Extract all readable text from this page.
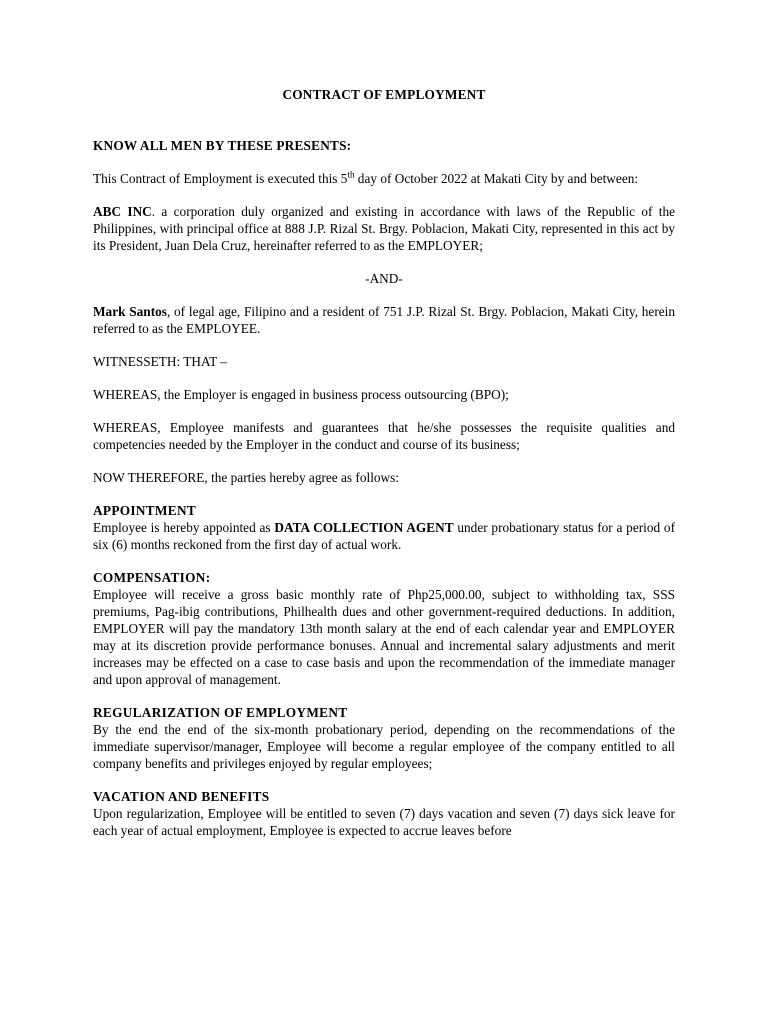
CONTRACT OF EMPLOYMENT
KNOW ALL MEN BY THESE PRESENTS:
This Contract of Employment is executed this 5th day of October 2022 at Makati City by and between:
ABC INC. a corporation duly organized and existing in accordance with laws of the Republic of the Philippines, with principal office at 888 J.P. Rizal St. Brgy. Poblacion, Makati City, represented in this act by its President, Juan Dela Cruz, hereinafter referred to as the EMPLOYER;
-AND-
Mark Santos, of legal age, Filipino and a resident of 751 J.P. Rizal St. Brgy. Poblacion, Makati City, herein referred to as the EMPLOYEE.
WITNESSETH: THAT –
WHEREAS, the Employer is engaged in business process outsourcing (BPO);
WHEREAS, Employee manifests and guarantees that he/she possesses the requisite qualities and competencies needed by the Employer in the conduct and course of its business;
NOW THEREFORE, the parties hereby agree as follows:
APPOINTMENT
Employee is hereby appointed as DATA COLLECTION AGENT under probationary status for a period of six (6) months reckoned from the first day of actual work.
COMPENSATION:
Employee will receive a gross basic monthly rate of Php25,000.00, subject to withholding tax, SSS premiums, Pag-ibig contributions, Philhealth dues and other government-required deductions. In addition, EMPLOYER will pay the mandatory 13th month salary at the end of each calendar year and EMPLOYER may at its discretion provide performance bonuses. Annual and incremental salary adjustments and merit increases may be effected on a case to case basis and upon the recommendation of the immediate manager and upon approval of management.
REGULARIZATION OF EMPLOYMENT
By the end the end of the six-month probationary period, depending on the recommendations of the immediate supervisor/manager, Employee will become a regular employee of the company entitled to all company benefits and privileges enjoyed by regular employees;
VACATION AND BENEFITS
Upon regularization, Employee will be entitled to seven (7) days vacation and seven (7) days sick leave for each year of actual employment, Employee is expected to accrue leaves before
